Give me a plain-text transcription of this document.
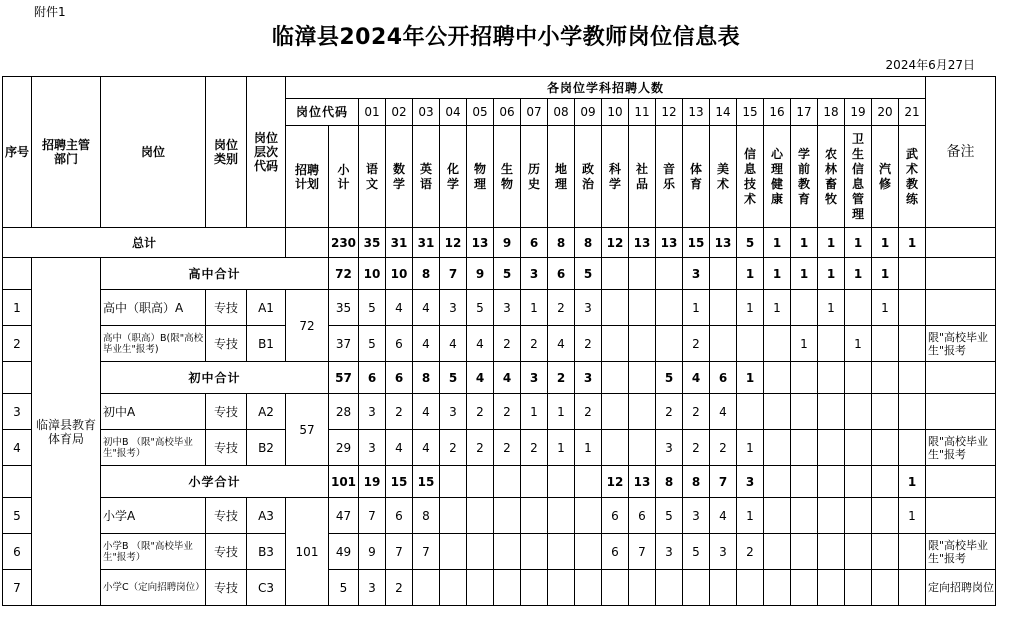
附件1
临漳县2024年公开招聘中小学教师岗位信息表
2024年6月27日
序号	招聘主管部门	岗位	岗位类别	岗位层次代码	各岗位学科招聘人数																							备注
					岗位代码		01	02	03	04	05	06	07	08	09	10	11	12	13	14	15	16	17	18	19	20	21	
					招聘计划	小计	语文	数学	英语	化学	物理	生物	历史	地理	政治	科学	社品	音乐	体育	美术	信息技术	心理健康	学前教育	农林畜牧	卫生信息管理	汽修	武术教练	
总计						230	35	31	31	12	13	9	6	8	8	12	13	13	15	13	5	1	1	1	1	1	1	
	临漳县教育体育局	高中合计				72	10	10	8	7	9	5	3	6	5				3		1	1	1	1	1	1		
1		高中（职高）A	专技	A1	72	35	5	4	4	3	5	3	1	2	3				1		1	1		1		1		
2		高中（职高）B(限"高校毕业生"报考)	专技	B1		37	5	6	4	4	4	2	2	4	2				2				1		1			限"高校毕业生"报考
		初中合计				57	6	6	8	5	4	4	3	2	3			5	4	6	1							
3		初中A	专技	A2	57	28	3	2	4	3	2	2	1	1	2			2	2	4								
4		初中B （限"高校毕业生"报考）	专技	B2		29	3	4	4	2	2	2	2	1	1			3	2	2	1							限"高校毕业生"报考
		小学合计				101	19	15	15							12	13	8	8	7	3						1	
5		小学A	专技	A3	101	47	7	6	8							6	6	5	3	4	1						1	
6		小学B （限"高校毕业生"报考）	专技	B3		49	9	7	7							6	7	3	5	3	2							限"高校毕业生"报考
7		小学C（定向招聘岗位）	专技	C3		5	3	2																				定向招聘岗位
